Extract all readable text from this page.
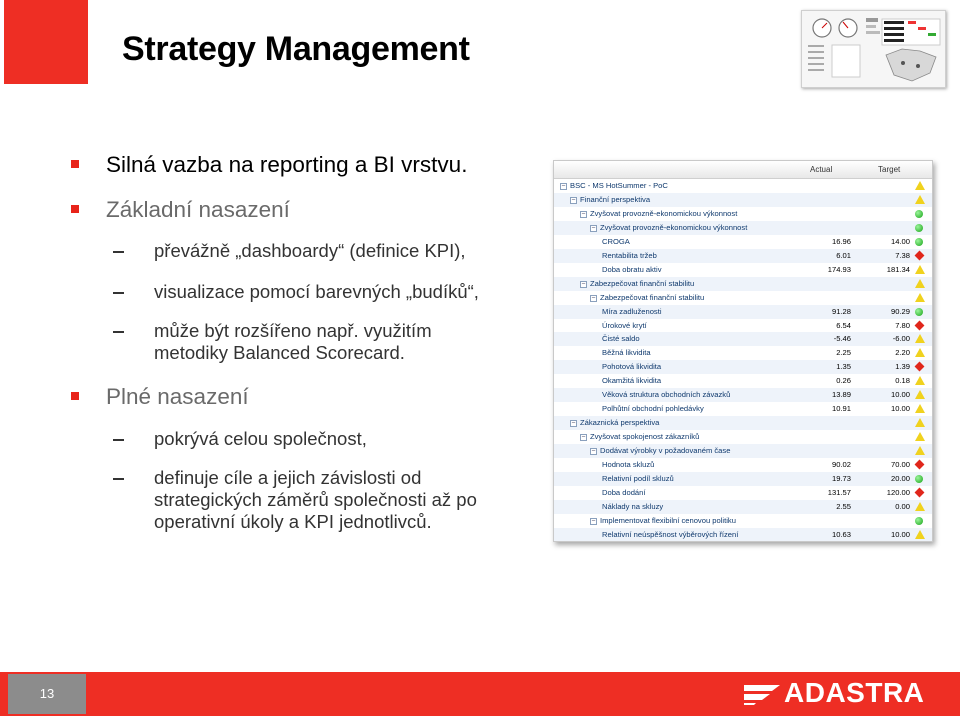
Strategy Management
Silná vazba na reporting a BI vrstvu.
Základní nasazení
převážně „dashboardy“ (definice KPI),
visualizace pomocí barevných „budíků“,
může být rozšířeno např. využitím
metodiky Balanced Scorecard.
Plné nasazení
pokrývá celou společnost,
definuje cíle a jejich závislosti od
strategických záměrů společnosti až po
operativní úkoly a KPI jednotlivců.
Actual	Target
– BSC - MS HotSummer - PoC
– Finanční perspektiva
– Zvyšovat provozně-ekonomickou výkonnost
– Zvyšovat provozně-ekonomickou výkonnost
CROGA	16.96	14.00
Rentabilita tržeb	6.01	7.38
Doba obratu aktiv	174.93	181.34
– Zabezpečovat finanční stabilitu
– Zabezpečovat finanční stabilitu
Míra zadluženosti	91.28	90.29
Úrokové krytí	6.54	7.80
Čisté saldo	-5.46	-6.00
Běžná likvidita	2.25	2.20
Pohotová likvidita	1.35	1.39
Okamžitá likvidita	0.26	0.18
Věková struktura obchodních závazků	13.89	10.00
Polhůtní obchodní pohledávky	10.91	10.00
– Zákaznická perspektiva
– Zvyšovat spokojenost zákazníků
– Dodávat výrobky v požadovaném čase
Hodnota skluzů	90.02	70.00
Relativní podíl skluzů	19.73	20.00
Doba dodání	131.57	120.00
Náklady na skluzy	2.55	0.00
– Implementovat flexibilní cenovou politiku
Relativní neúspěšnost výběrových řízení	10.63	10.00
13	ADASTRA
